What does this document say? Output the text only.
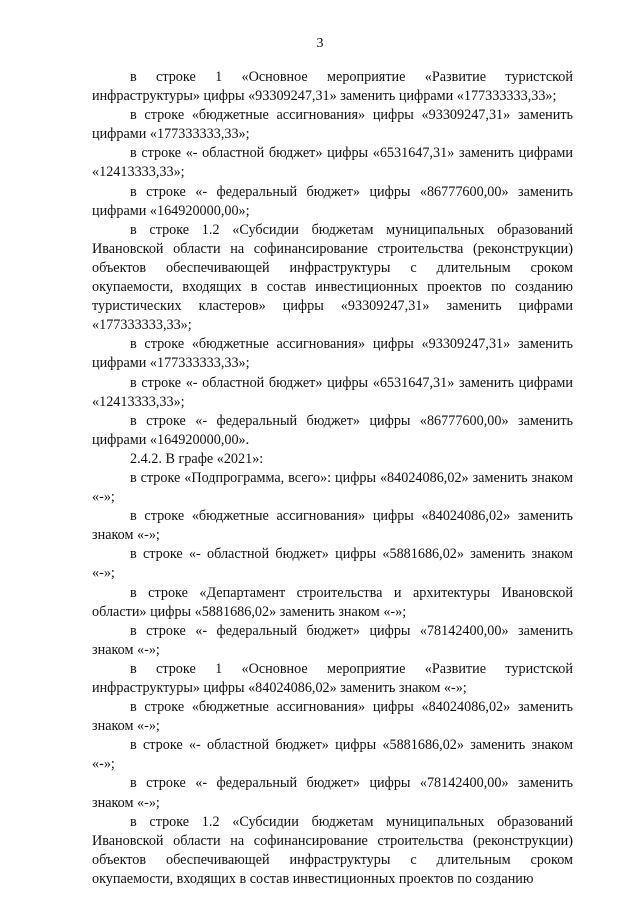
3

в строке 1 «Основное мероприятие «Развитие туристской инфраструктуры» цифры «93309247,31» заменить цифрами «177333333,33»;

в строке «бюджетные ассигнования» цифры «93309247,31» заменить цифрами «177333333,33»;

в строке «- областной бюджет» цифры «6531647,31» заменить цифрами «12413333,33»;

в строке «- федеральный бюджет» цифры «86777600,00» заменить цифрами «164920000,00»;

в строке 1.2 «Субсидии бюджетам муниципальных образований Ивановской области на софинансирование строительства (реконструкции) объектов обеспечивающей инфраструктуры с длительным сроком окупаемости, входящих в состав инвестиционных проектов по созданию туристических кластеров» цифры «93309247,31» заменить цифрами «177333333,33»;

в строке «бюджетные ассигнования» цифры «93309247,31» заменить цифрами «177333333,33»;

в строке «- областной бюджет» цифры «6531647,31» заменить цифрами «12413333,33»;

в строке «- федеральный бюджет» цифры «86777600,00» заменить цифрами «164920000,00».

2.4.2. В графе «2021»:

в строке «Подпрограмма, всего»: цифры «84024086,02» заменить знаком «-»;

в строке «бюджетные ассигнования» цифры «84024086,02» заменить знаком «-»;

в строке «- областной бюджет» цифры «5881686,02» заменить знаком «-»;

в строке «Департамент строительства и архитектуры Ивановской области» цифры «5881686,02» заменить знаком «-»;

в строке «- федеральный бюджет» цифры «78142400,00» заменить знаком «-»;

в строке 1 «Основное мероприятие «Развитие туристской инфраструктуры» цифры «84024086,02» заменить знаком «-»;

в строке «бюджетные ассигнования» цифры «84024086,02» заменить знаком «-»;

в строке «- областной бюджет» цифры «5881686,02» заменить знаком «-»;

в строке «- федеральный бюджет» цифры «78142400,00» заменить знаком «-»;

в строке 1.2 «Субсидии бюджетам муниципальных образований Ивановской области на софинансирование строительства (реконструкции) объектов обеспечивающей инфраструктуры с длительным сроком окупаемости, входящих в состав инвестиционных проектов по созданию
